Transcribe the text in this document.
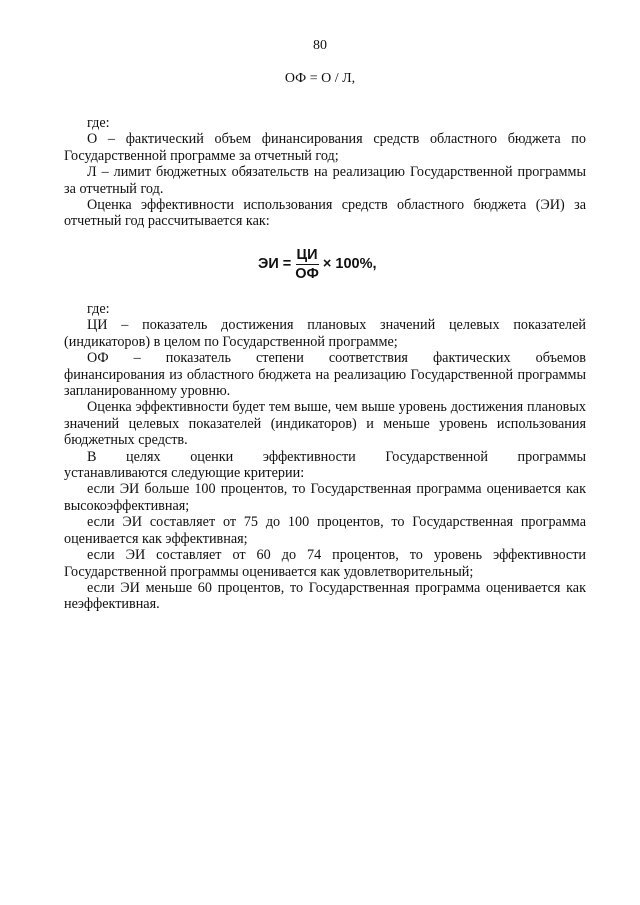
80
ОФ = О / Л,

где:

О – фактический объем финансирования средств областного бюджета по Государственной программе за отчетный год;

Л – лимит бюджетных обязательств на реализацию Государственной программы за отчетный год.

Оценка эффективности использования средств областного бюджета (ЭИ) за отчетный год рассчитывается как:

ЭИ = $\frac{ЦИ}{ОФ} \times 100\%$,

где:

ЦИ – показатель достижения плановых значений целевых показателей (индикаторов) в целом по Государственной программе;

ОФ – показатель степени соответствия фактических объемов

финансирования из областного бюджета на реализацию Государственной программы запланированному уровню.

Оценка эффективности будет тем выше, чем выше уровень достижения плановых значений целевых показателей (индикаторов) и меньше уровень использования бюджетных средств.

В целях оценки эффективности Государственной программы

устанавливаются следующие критерии:

если ЭИ больше 100 процентов, то Государственная программа оценивается как высокоэффективная;

если ЭИ составляет от 75 до 100 процентов, то Государственная программа оценивается как эффективная;

если ЭИ составляет от 60 до 74 процентов, то уровень эффективности Государственной программы оценивается как удовлетворительный;

если ЭИ меньше 60 процентов, то Государственная программа оценивается как неэффективная.
